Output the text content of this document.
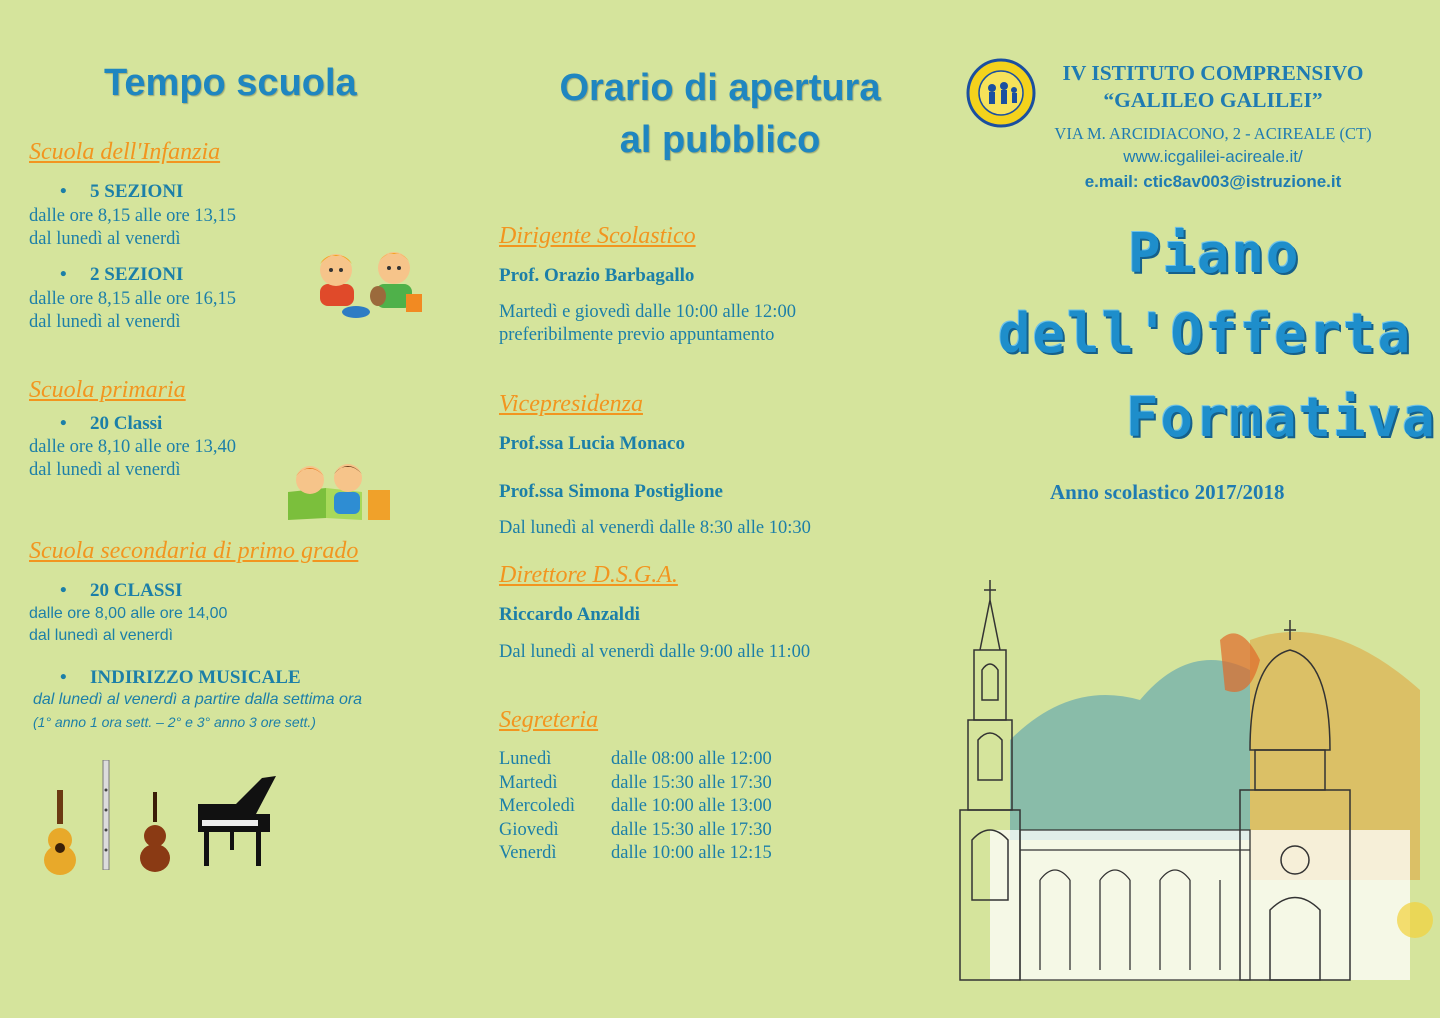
Tempo scuola
Scuola dell'Infanzia
• 5 SEZIONI
dalle ore 8,15 alle ore 13,15
dal lunedì al venerdì
• 2 SEZIONI
dalle ore 8,15 alle ore 16,15
dal lunedì al venerdì
Scuola primaria
• 20 Classi
dalle ore 8,10 alle ore 13,40
dal lunedì al venerdì
Scuola secondaria di primo grado
• 20 CLASSI
dalle ore 8,00 alle ore 14,00
dal lunedì al venerdì
• INDIRIZZO MUSICALE
dal lunedì al venerdì a partire dalla settima ora
(1° anno 1 ora sett. – 2° e 3° anno 3 ore sett.)
Orario di apertura
al pubblico
Dirigente Scolastico
Prof. Orazio Barbagallo
Martedì e giovedì dalle 10:00 alle 12:00
preferibilmente previo appuntamento
Vicepresidenza
Prof.ssa Lucia Monaco
Prof.ssa Simona Postiglione
Dal lunedì al venerdì dalle 8:30 alle 10:30
Direttore D.S.G.A.
Riccardo Anzaldi
Dal lunedì al venerdì dalle 9:00 alle 11:00
Segreteria
Lunedì	dalle 08:00 alle 12:00
Martedì	dalle 15:30 alle 17:30
Mercoledì	dalle 10:00 alle 13:00
Giovedì	dalle 15:30 alle 17:30
Venerdì	dalle 10:00 alle 12:15
IV ISTITUTO COMPRENSIVO
“GALILEO GALILEI”
VIA M. ARCIDIACONO, 2 - ACIREALE (CT)
www.icgalilei-acireale.it/
e.mail: ctic8av003@istruzione.it
Piano
dell'Offerta
Formativa
Anno scolastico 2017/2018
